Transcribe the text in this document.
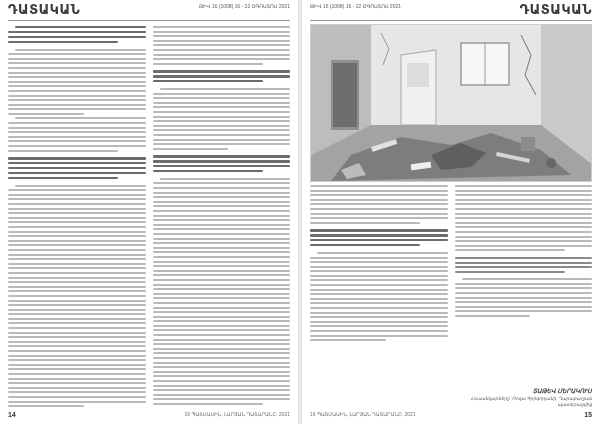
ԴԱՏԱԿԱՆ	ԹԻՎ 16 (1008) 16 - 22 ՕԳՈՍՏՈՍ 2021
14	16 ՊԱՏՄԱՍԻՆ, ԼԱՐՅԱՆ ԴԱՏԱՐԱՆԸ, 2021
ԹԻՎ 16 (1008) 16 - 22 ՕԳՈՍՏՈՍ 2021	ԴԱՏԱԿԱՆ
ՏԱԹԵՎ ՄԵՐԱԿՈՒՄ
Լուսանկարները՝ Ռոզա Գրիգորյանի, Ղարաբաղյան պատերազմից
16 ՊԱՏՄԱՍԻՆ, ԼԱՐՅԱՆ ԴԱՏԱՐԱՆԸ, 2021	15
